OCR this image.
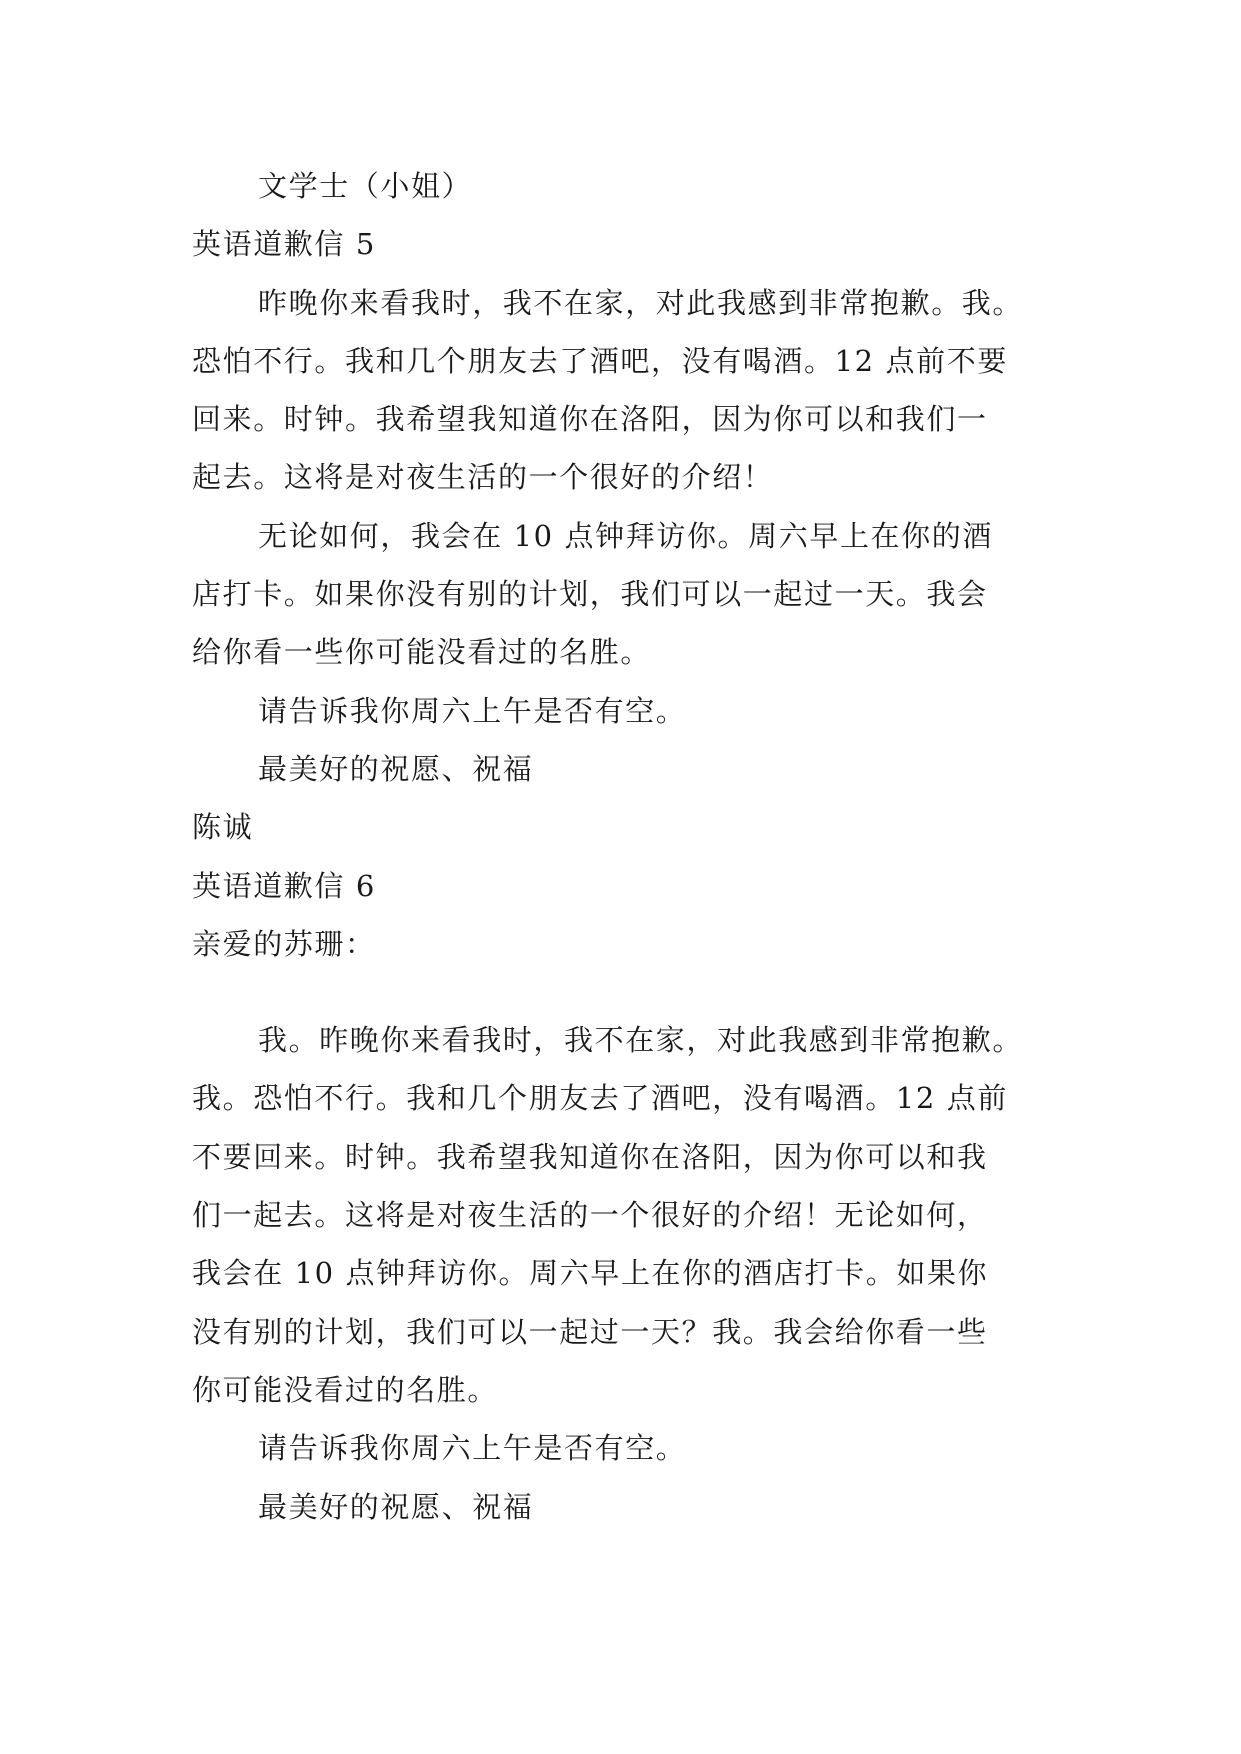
文学士（小姐）
英语道歉信 5
昨晚你来看我时，我不在家，对此我感到非常抱歉。我。
恐怕不行。我和几个朋友去了酒吧，没有喝酒。12 点前不要
回来。时钟。我希望我知道你在洛阳，因为你可以和我们一
起去。这将是对夜生活的一个很好的介绍！
无论如何，我会在 10 点钟拜访你。周六早上在你的酒
店打卡。如果你没有别的计划，我们可以一起过一天。我会
给你看一些你可能没看过的名胜。
请告诉我你周六上午是否有空。
最美好的祝愿、祝福
陈诚
英语道歉信 6
亲爱的苏珊：
我。昨晚你来看我时，我不在家，对此我感到非常抱歉。
我。恐怕不行。我和几个朋友去了酒吧，没有喝酒。12 点前
不要回来。时钟。我希望我知道你在洛阳，因为你可以和我
们一起去。这将是对夜生活的一个很好的介绍！无论如何，
我会在 10 点钟拜访你。周六早上在你的酒店打卡。如果你
没有别的计划，我们可以一起过一天？我。我会给你看一些
你可能没看过的名胜。
请告诉我你周六上午是否有空。
最美好的祝愿、祝福
